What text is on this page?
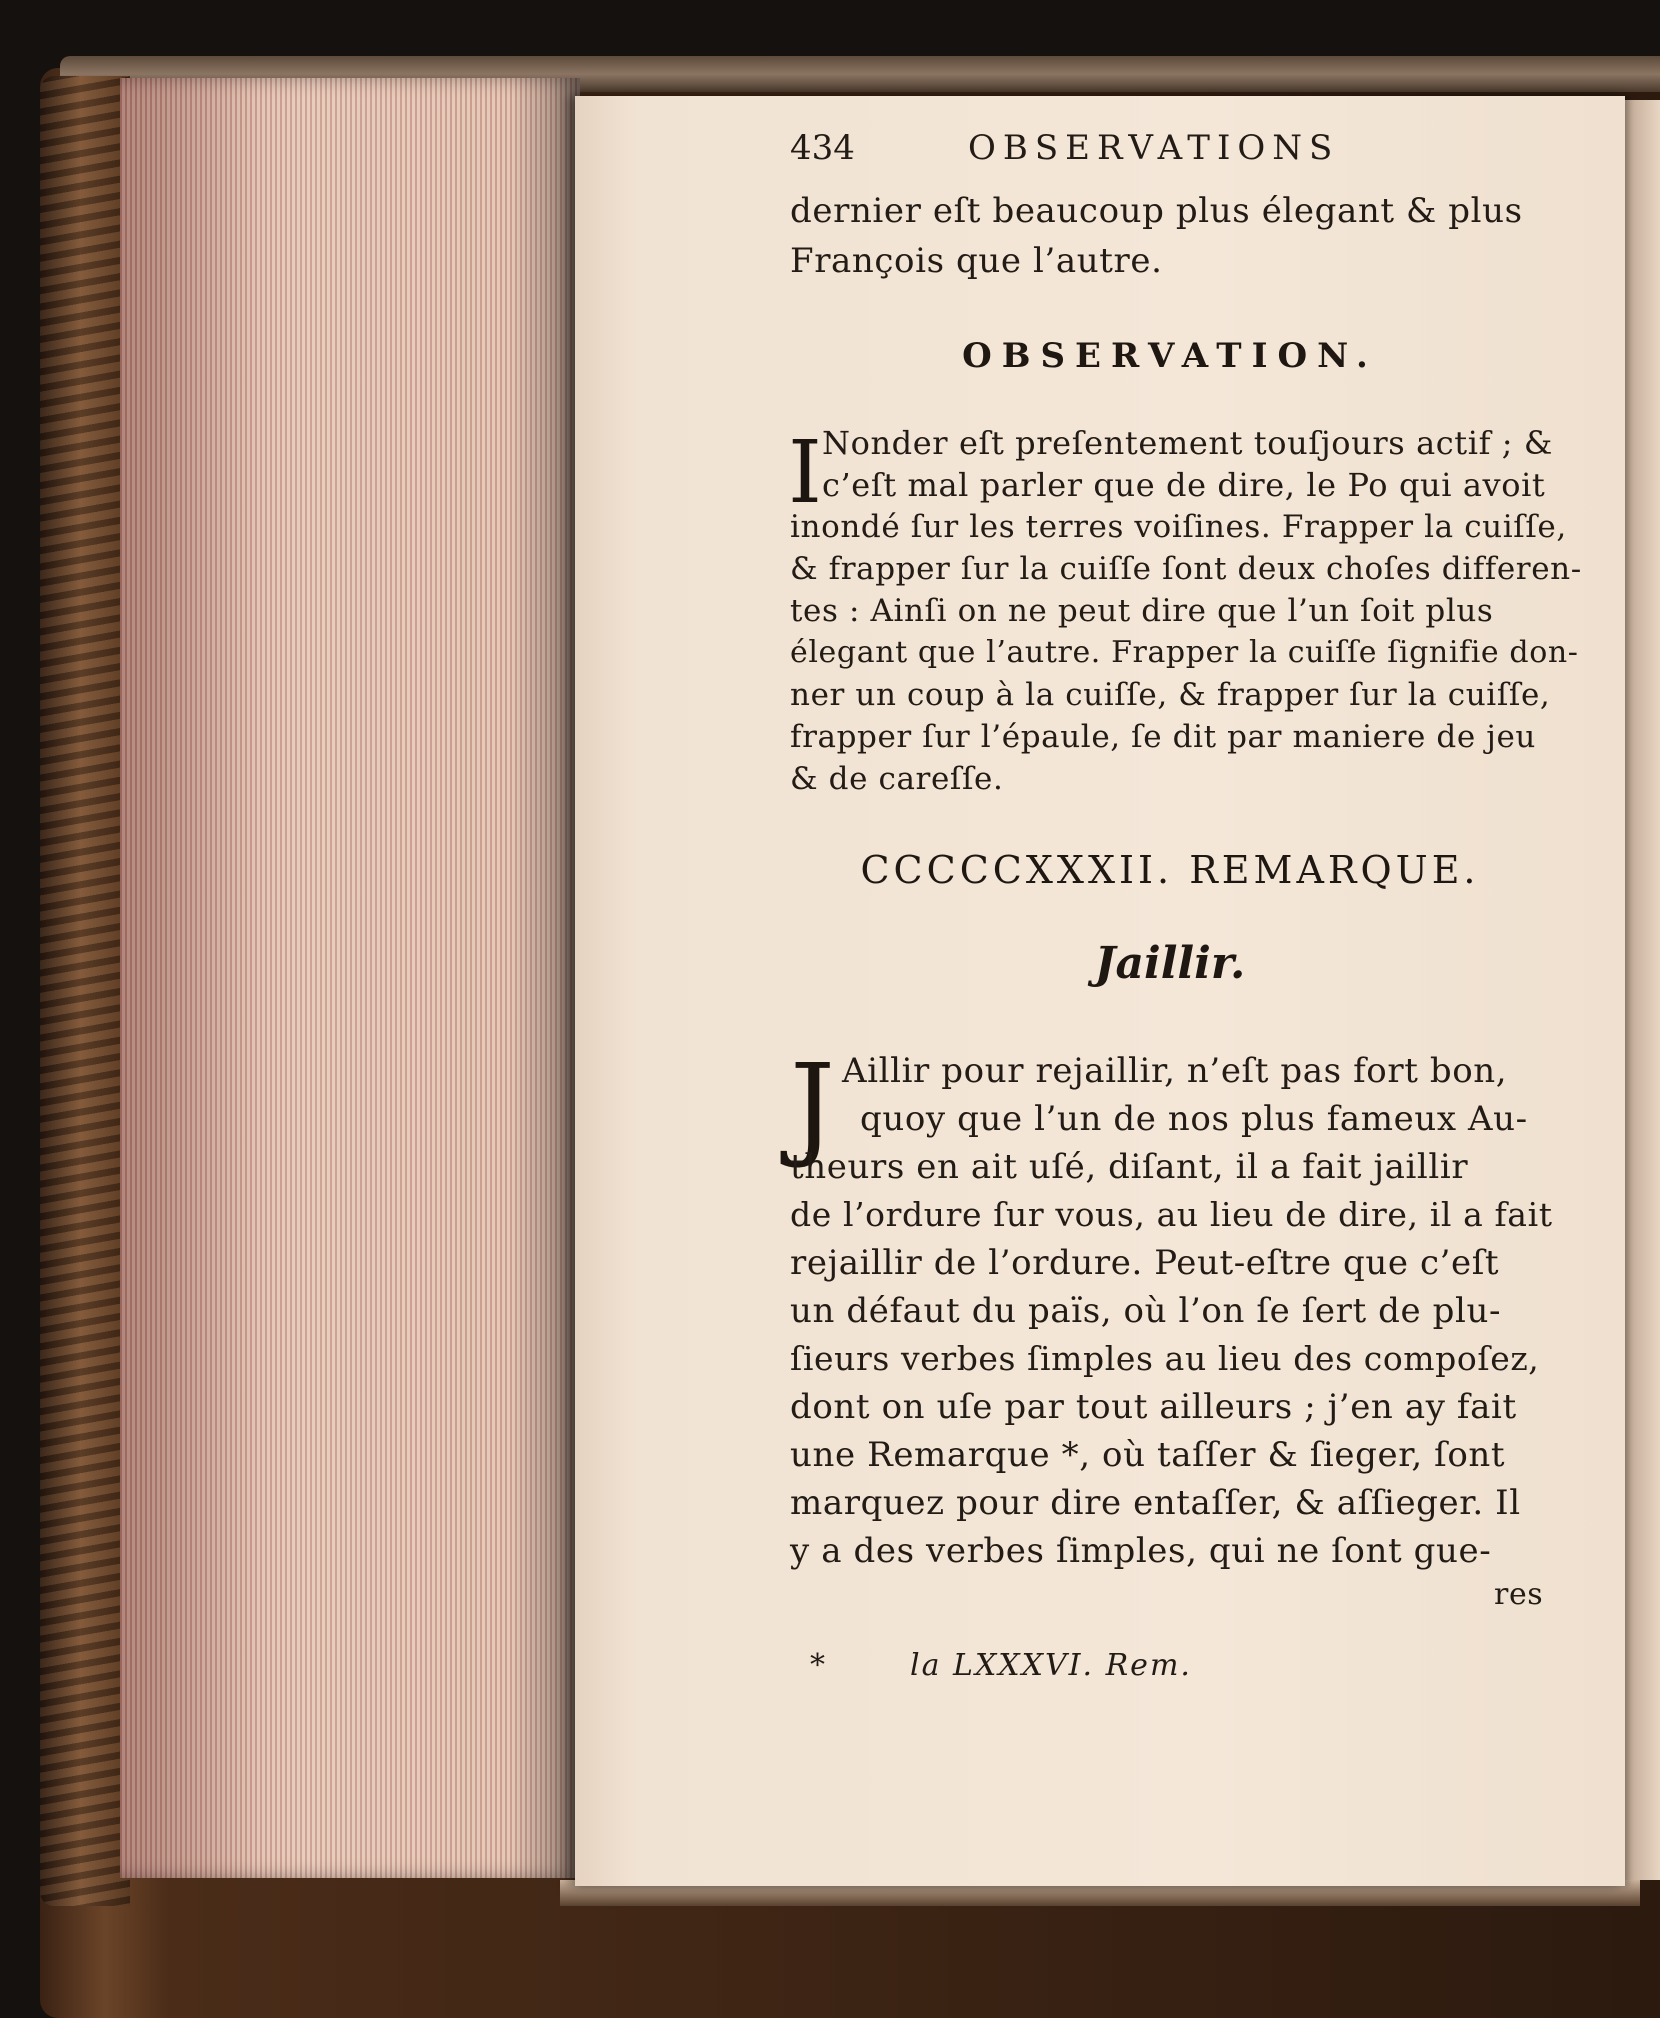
434	OBSERVATIONS
dernier eſt beaucoup plus élegant & plus
François que l’autre.
OBSERVATION.
I Nonder eſt preſentement touſjours actif ; &
c’eſt mal parler que de dire, le Po qui avoit
inondé ſur les terres voiſines. Frapper la cuiſſe,
& frapper ſur la cuiſſe ſont deux choſes differen-
tes : Ainſi on ne peut dire que l’un ſoit plus
élegant que l’autre. Frapper la cuiſſe ſignifie don-
ner un coup à la cuiſſe, & frapper ſur la cuiſſe,
frapper ſur l’épaule, ſe dit par maniere de jeu
& de careſſe.
CCCCCXXXII. REMARQUE.
Jaillir.
J Aillir pour rejaillir, n’eſt pas fort bon,
quoy que l’un de nos plus fameux Au-
theurs en ait uſé, diſant, il a fait jaillir
de l’ordure ſur vous, au lieu de dire, il a fait
rejaillir de l’ordure. Peut-eſtre que c’eſt
un défaut du païs, où l’on ſe ſert de plu-
ſieurs verbes ſimples au lieu des compoſez,
dont on uſe par tout ailleurs ; j’en ay fait
une Remarque *, où taſſer & ſieger, ſont
marquez pour dire entaſſer, & aſſieger. Il
y a des verbes ſimples, qui ne ſont gue-
res
*	la LXXXVI. Rem.
